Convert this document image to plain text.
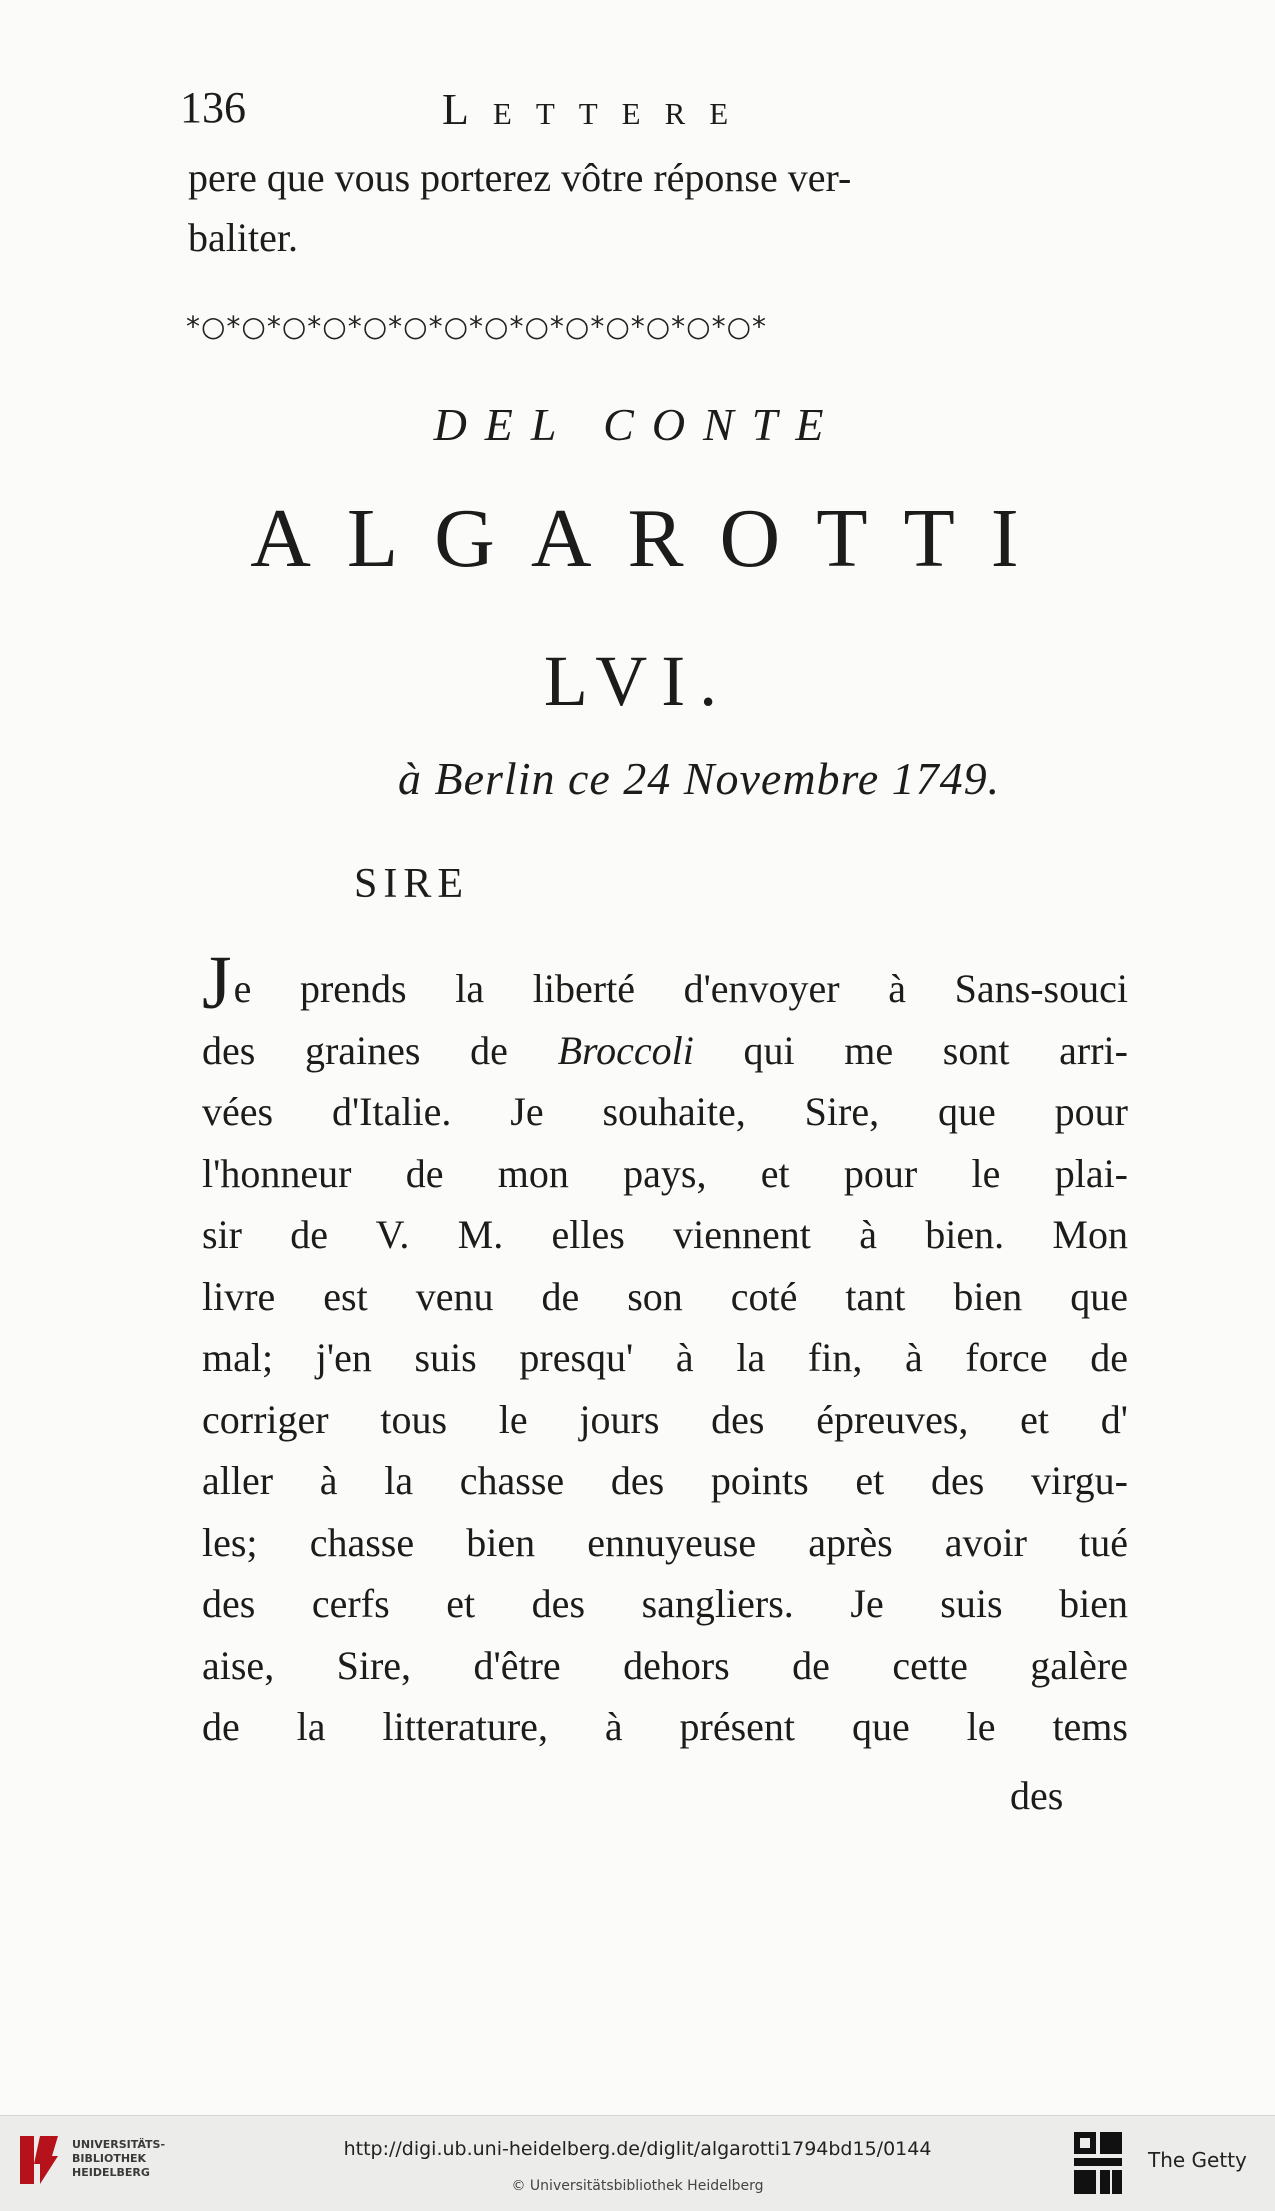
136	Lettere
pere que vous porterez vôtre réponse ver-
baliter.
*○*○*○*○*○*○*○*○*○*○*○*○*○*○*
DEL CONTE
ALGAROTTI
LVI.
à Berlin ce 24 Novembre 1749.
SIRE
Je prends la liberté d'envoyer à Sans-souci
des graines de Broccoli qui me sont arri-
vées d'Italie. Je souhaite, Sire, que pour
l'honneur de mon pays, et pour le plai-
sir de V. M. elles viennent à bien. Mon
livre est venu de son coté tant bien que
mal; j'en suis presqu' à la fin, à force de
corriger tous le jours des épreuves, et d'
aller à la chasse des points et des virgu-
les; chasse bien ennuyeuse après avoir tué
des cerfs et des sangliers. Je suis bien
aise, Sire, d'être dehors de cette galère
de la litterature, à présent que le tems
des
UNIVERSITÄTS-
BIBLIOTHEK
HEIDELBERG
http://digi.ub.uni-heidelberg.de/diglit/algarotti1794bd15/0144
© Universitätsbibliothek Heidelberg
The Getty
